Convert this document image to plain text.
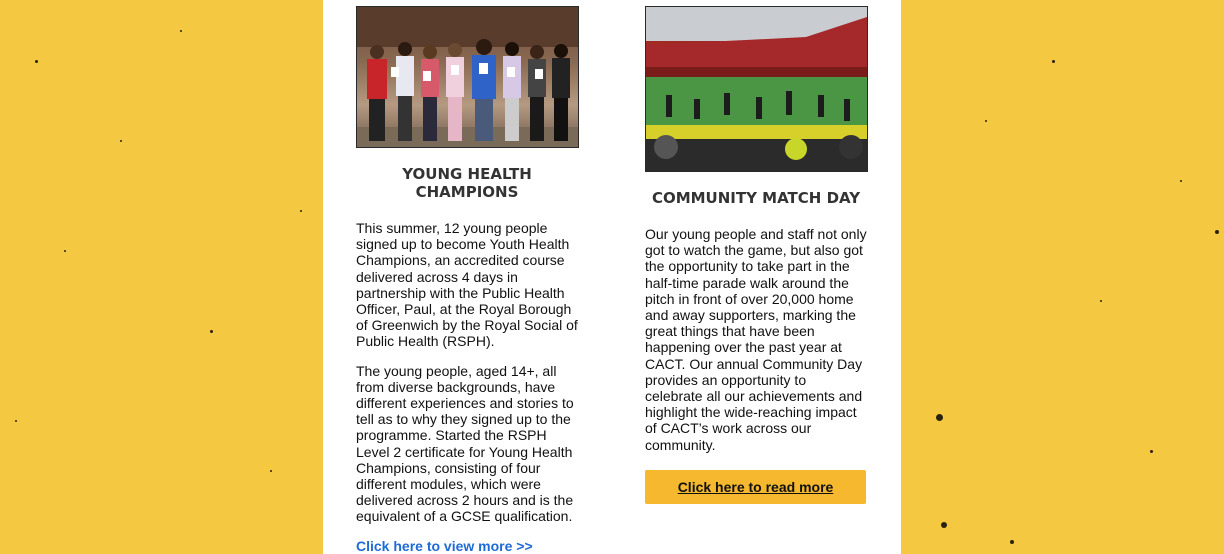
YOUNG HEALTH CHAMPIONS

This summer, 12 young people signed up to become Youth Health Champions, an accredited course delivered across 4 days in partnership with the Public Health Officer, Paul, at the Royal Borough of Greenwich by the Royal Social of Public Health (RSPH).

The young people, aged 14+, all from diverse backgrounds, have different experiences and stories to tell as to why they signed up to the programme. Started the RSPH Level 2 certificate for Young Health Champions, consisting of four different modules, which were delivered across 2 hours and is the equivalent of a GCSE qualification.

Click here to view more >>
COMMUNITY MATCH DAY

Our young people and staff not only got to watch the game, but also got the opportunity to take part in the half-time parade walk around the pitch in front of over 20,000 home and away supporters, marking the great things that have been happening over the past year at CACT. Our annual Community Day provides an opportunity to celebrate all our achievements and highlight the wide-reaching impact of CACT’s work across our community.

Click here to read more
